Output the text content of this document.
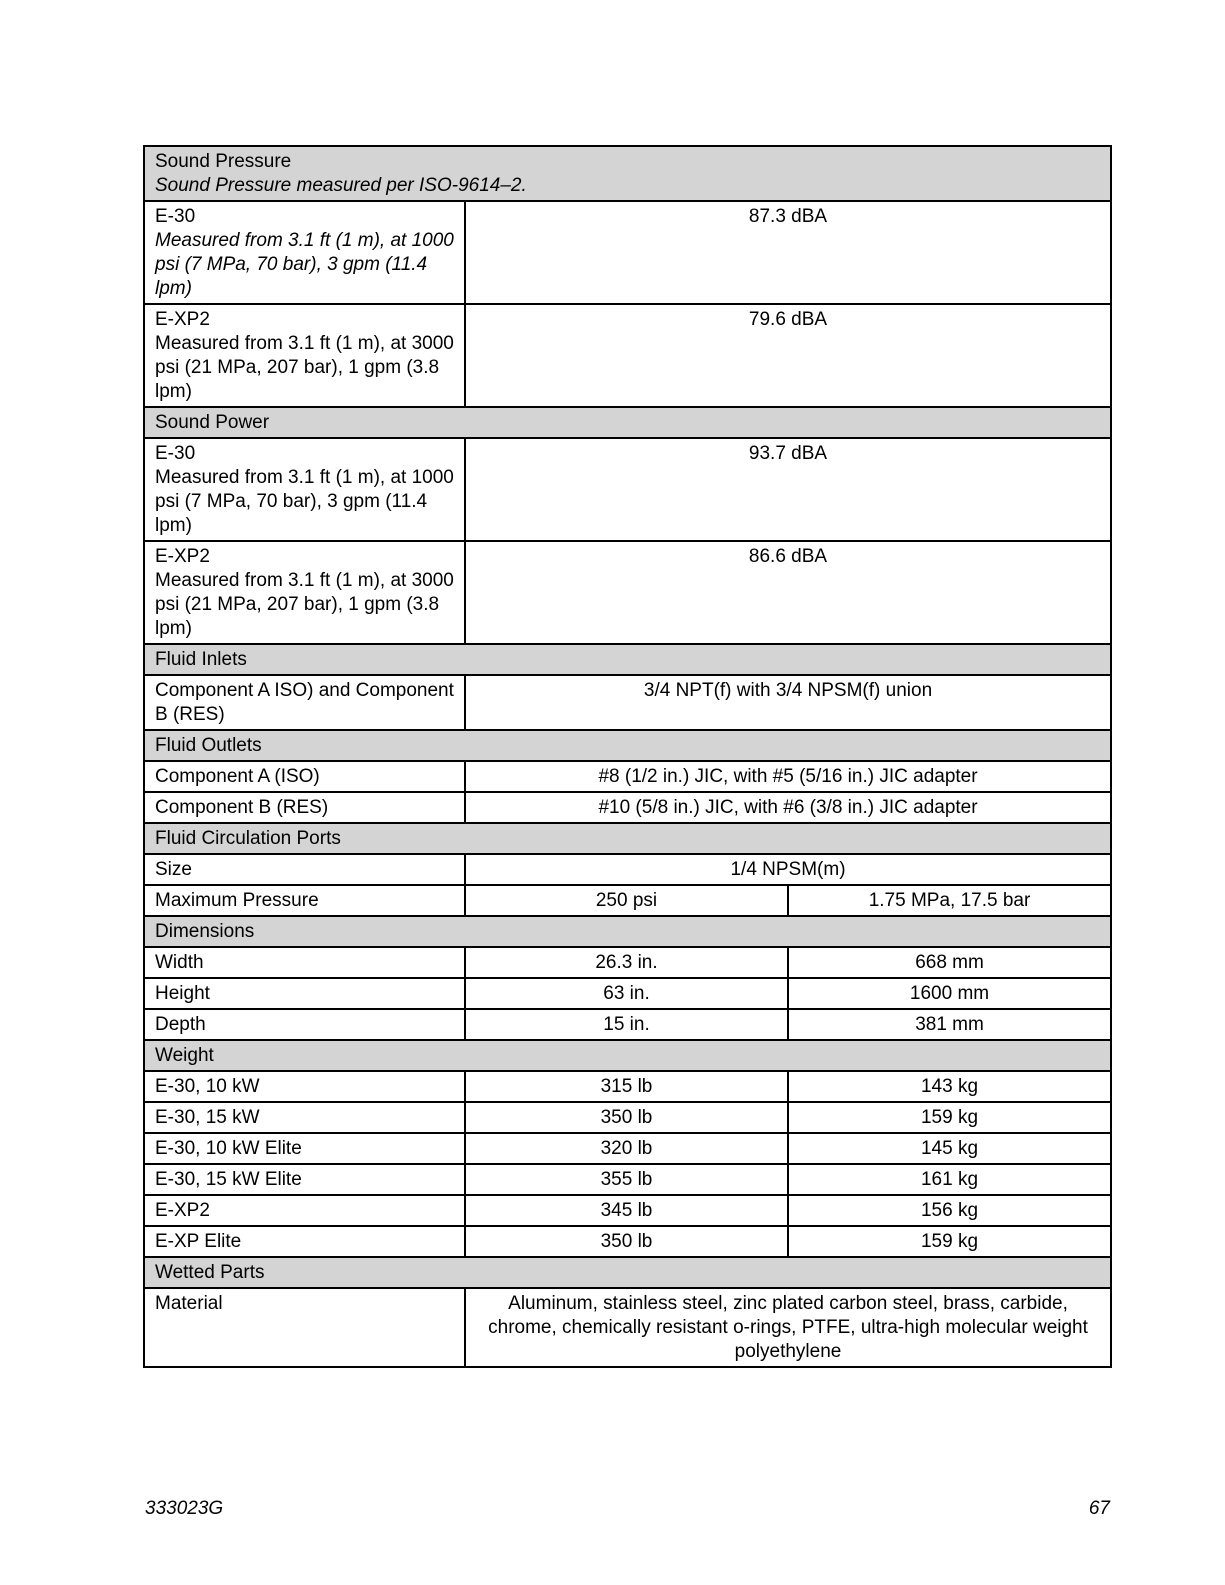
Sound Pressure
Sound Pressure measured per ISO-9614–2.		

E-30
Measured from 3.1 ft (1 m), at 1000 psi (7 MPa, 70 bar), 3 gpm (11.4 lpm)	87.3 dBA	
E-XP2
Measured from 3.1 ft (1 m), at 3000 psi (21 MPa, 207 bar), 1 gpm (3.8 lpm)	79.6 dBA	

Sound Power		

E-30
Measured from 3.1 ft (1 m), at 1000 psi (7 MPa, 70 bar), 3 gpm (11.4 lpm)	93.7 dBA	
E-XP2
Measured from 3.1 ft (1 m), at 3000 psi (21 MPa, 207 bar), 1 gpm (3.8 lpm)	86.6 dBA	

Fluid Inlets		

Component A ISO) and Component B (RES)	3/4 NPT(f) with 3/4 NPSM(f) union	

Fluid Outlets		

Component A (ISO)	#8 (1/2 in.) JIC, with #5 (5/16 in.) JIC adapter	
Component B (RES)	#10 (5/8 in.) JIC, with #6 (3/8 in.) JIC adapter	

Fluid Circulation Ports		

Size	1/4 NPSM(m)	
Maximum Pressure	250 psi	1.75 MPa, 17.5 bar

Dimensions		

Width	26.3 in.	668 mm
Height	63 in.	1600 mm
Depth	15 in.	381 mm

Weight		

E-30, 10 kW	315 lb	143 kg
E-30, 15 kW	350 lb	159 kg
E-30, 10 kW Elite	320 lb	145 kg
E-30, 15 kW Elite	355 lb	161 kg
E-XP2	345 lb	156 kg
E-XP Elite	350 lb	159 kg

Wetted Parts		

Material	Aluminum, stainless steel, zinc plated carbon steel, brass, carbide, chrome, chemically resistant o-rings, PTFE, ultra-high molecular weight polyethylene	
333023G	67
